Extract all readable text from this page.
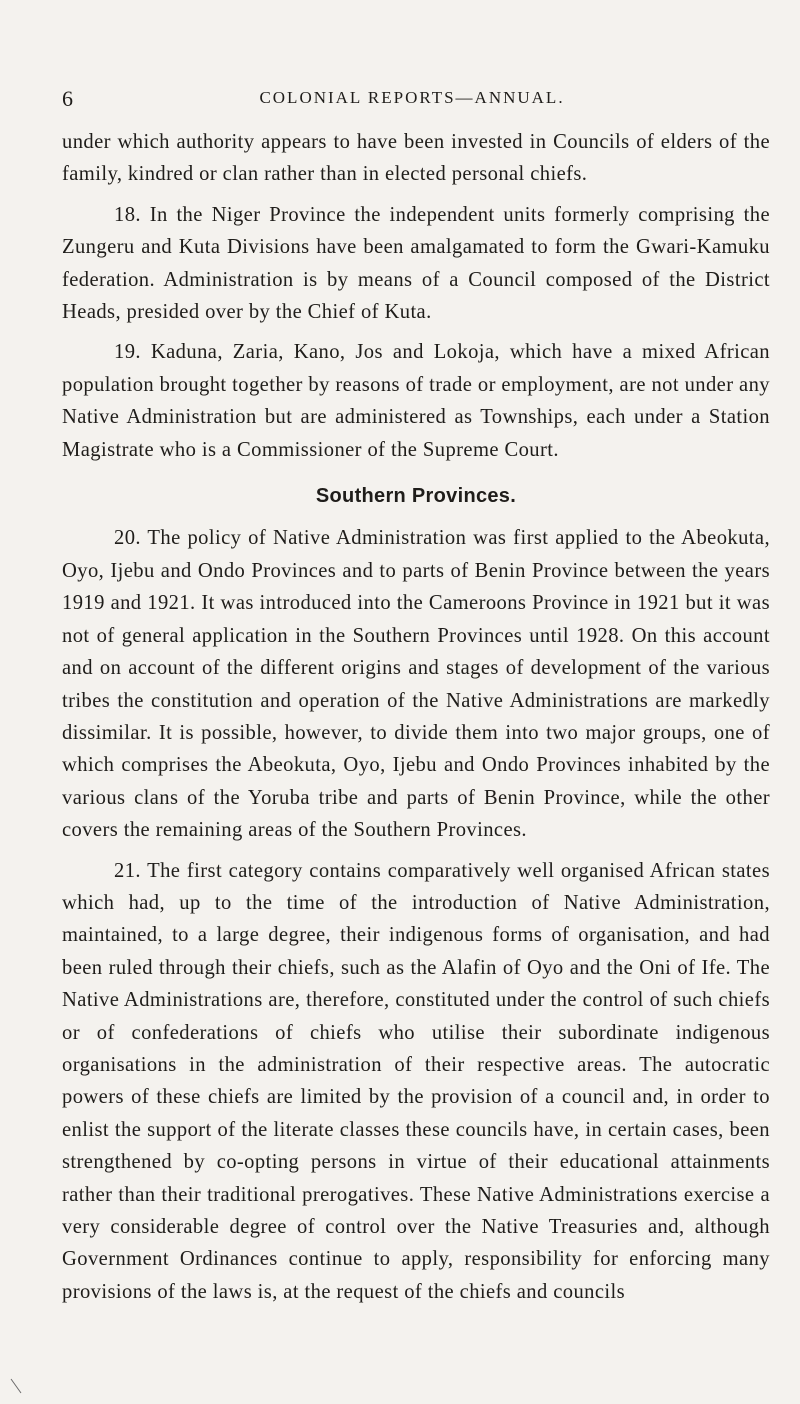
6	COLONIAL REPORTS—ANNUAL.

under which authority appears to have been invested in Councils of elders of the family, kindred or clan rather than in elected personal chiefs.

18. In the Niger Province the independent units formerly comprising the Zungeru and Kuta Divisions have been amalgamated to form the Gwari-Kamuku federation. Administration is by means of a Council composed of the District Heads, presided over by the Chief of Kuta.

19. Kaduna, Zaria, Kano, Jos and Lokoja, which have a mixed African population brought together by reasons of trade or employment, are not under any Native Administration but are administered as Townships, each under a Station Magistrate who is a Commissioner of the Supreme Court.

Southern Provinces.

20. The policy of Native Administration was first applied to the Abeokuta, Oyo, Ijebu and Ondo Provinces and to parts of Benin Province between the years 1919 and 1921. It was introduced into the Cameroons Province in 1921 but it was not of general application in the Southern Provinces until 1928. On this account and on account of the different origins and stages of development of the various tribes the constitution and operation of the Native Administrations are markedly dissimilar. It is possible, however, to divide them into two major groups, one of which comprises the Abeokuta, Oyo, Ijebu and Ondo Provinces inhabited by the various clans of the Yoruba tribe and parts of Benin Province, while the other covers the remaining areas of the Southern Provinces.

21. The first category contains comparatively well organised African states which had, up to the time of the introduction of Native Administration, maintained, to a large degree, their indigenous forms of organisation, and had been ruled through their chiefs, such as the Alafin of Oyo and the Oni of Ife. The Native Administrations are, therefore, constituted under the control of such chiefs or of confederations of chiefs who utilise their subordinate indigenous organisations in the administration of their respective areas. The autocratic powers of these chiefs are limited by the provision of a council and, in order to enlist the support of the literate classes these councils have, in certain cases, been strengthened by co-opting persons in virtue of their educational attainments rather than their traditional prerogatives. These Native Administrations exercise a very considerable degree of control over the Native Treasuries and, although Government Ordinances continue to apply, responsibility for enforcing many provisions of the laws is, at the request of the chiefs and councils
